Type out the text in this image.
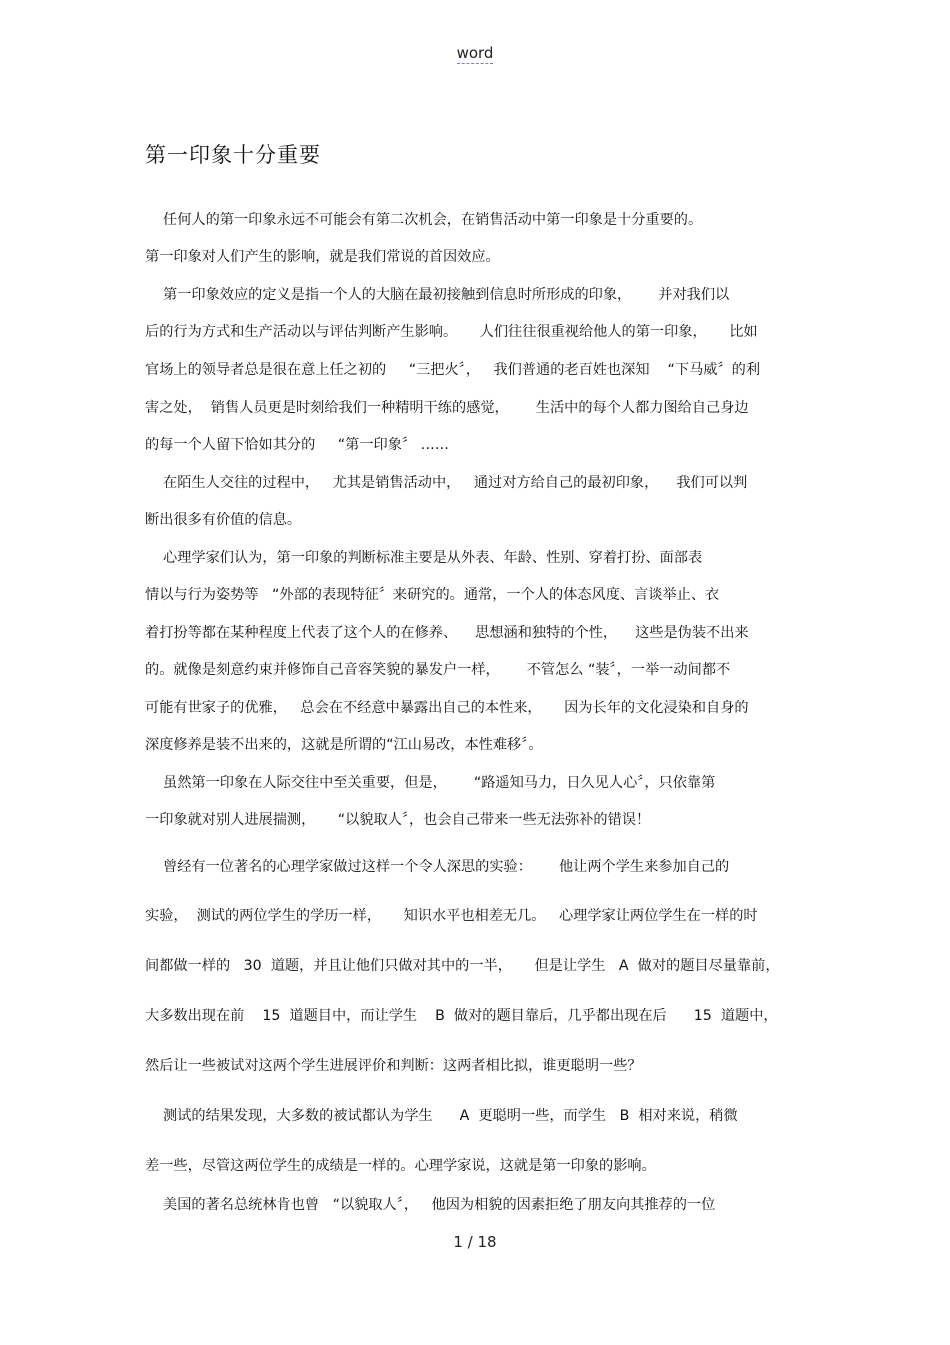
word
第一印象十分重要
任何人的第一印象永远不可能会有第二次机会，在销售活动中第一印象是十分重要的。
第一印象对人们产生的影响，就是我们常说的首因效应。
第一印象效应的定义是指一个人的大脑在最初接触到信息时所形成的印象，      并对我们以
后的行为方式和生产活动以与评估判断产生影响。     人们往往很重视给他人的第一印象，     比如
官场上的领导者总是很在意上任之初的     “三把火〞，   我们普通的老百姓也深知    “下马威〞的利
害之处，  销售人员更是时刻给我们一种精明干练的感觉，      生活中的每个人都力图给自己身边
的每一个人留下恰如其分的     “第一印象〞 ……
在陌生人交往的过程中，   尤其是销售活动中，   通过对方给自己的最初印象，    我们可以判
断出很多有价值的信息。
心理学家们认为，第一印象的判断标准主要是从外表、年龄、性别、穿着打扮、面部表
情以与行为姿势等   “外部的表现特征〞来研究的。通常，一个人的体态风度、言谈举止、衣
着打扮等都在某种程度上代表了这个人的在修养、    思想涵和独特的个性，    这些是伪装不出来
的。就像是刻意约束并修饰自己音容笑貌的暴发户一样，      不管怎么 “装〞，一举一动间都不
可能有世家子的优雅，   总会在不经意中暴露出自己的本性来，     因为长年的文化浸染和自身的
深度修养是装不出来的，这就是所谓的“江山易改，本性难移〞。
虽然第一印象在人际交往中至关重要，但是，      “路遥知马力，日久见人心〞，只依靠第
一印象就对别人进展揣测，     “以貌取人〞，也会自己带来一些无法弥补的错误！
曾经有一位著名的心理学家做过这样一个令人深思的实验：      他让两个学生来参加自己的
实验，  测试的两位学生的学历一样，     知识水平也相差无几。   心理学家让两位学生在一样的时
间都做一样的   30  道题，并且让他们只做对其中的一半，     但是让学生   A  做对的题目尽量靠前，
大多数出现在前    15  道题目中，而让学生    B  做对的题目靠后，几乎都出现在后      15  道题中，
然后让一些被试对这两个学生进展评价和判断：这两者相比拟，谁更聪明一些？
测试的结果发现，大多数的被试都认为学生      A  更聪明一些，而学生   B  相对来说，稍微
差一些，尽管这两位学生的成绩是一样的。心理学家说，这就是第一印象的影响。
美国的著名总统林肯也曾   “以貌取人〞，   他因为相貌的因素拒绝了朋友向其推荐的一位
1 / 18
